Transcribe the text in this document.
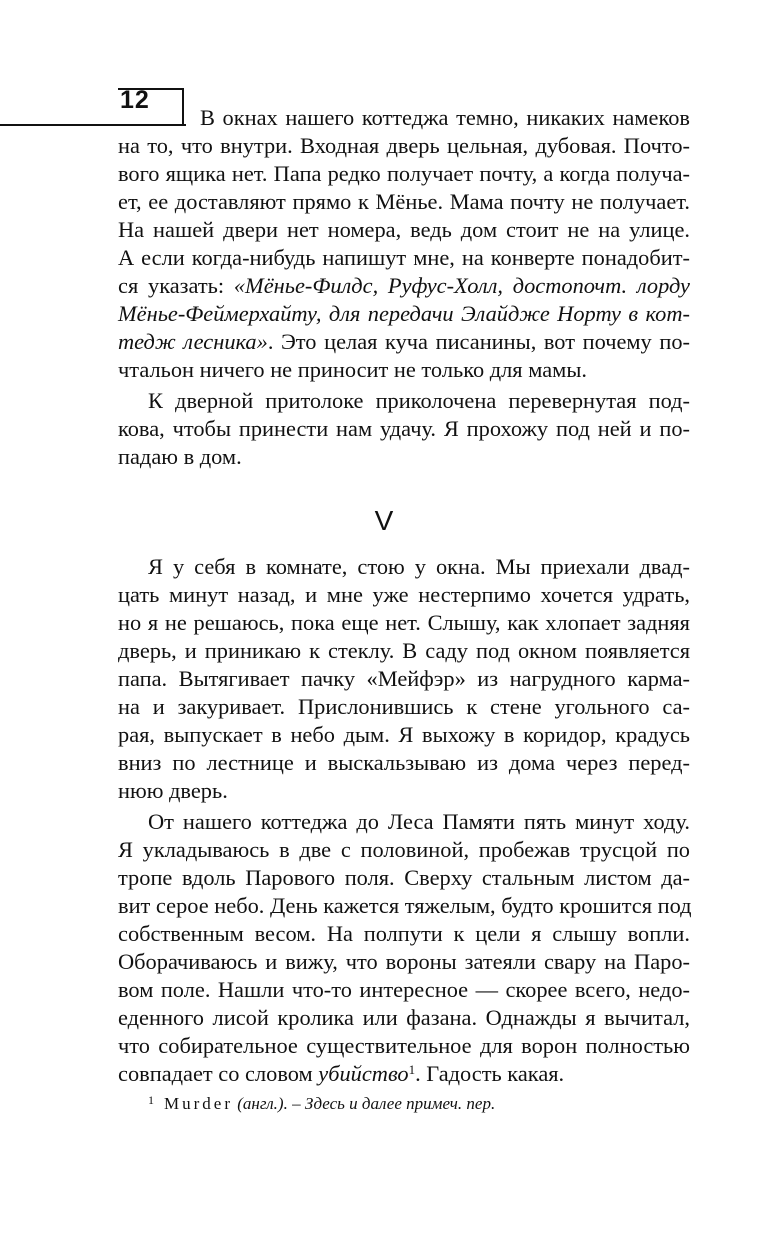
12
В окнах нашего коттеджа темно, никаких намеков
на то, что внутри. Входная дверь цельная, дубовая. Почто-
вого ящика нет. Папа редко получает почту, а когда получа-
ет, ее доставляют прямо к Мёнье. Мама почту не получает.
На нашей двери нет номера, ведь дом стоит не на улице.
А если когда-нибудь напишут мне, на конверте понадобит-
ся указать: «Мёнье-Филдс, Руфус-Холл, достопочт. лорду
Мёнье-Феймерхайту, для передачи Элайдже Норту в кот-
тедж лесника». Это целая куча писанины, вот почему по-
чтальон ничего не приносит не только для мамы.
К дверной притолоке приколочена перевернутая под-
кова, чтобы принести нам удачу. Я прохожу под ней и по-
падаю в дом.
V
Я у себя в комнате, стою у окна. Мы приехали двад-
цать минут назад, и мне уже нестерпимо хочется удрать,
но я не решаюсь, пока еще нет. Слышу, как хлопает задняя
дверь, и приникаю к стеклу. В саду под окном появляется
папа. Вытягивает пачку «Мейфэр» из нагрудного карма-
на и закуривает. Прислонившись к стене угольного са-
рая, выпускает в небо дым. Я выхожу в коридор, крадусь
вниз по лестнице и выскальзываю из дома через перед-
нюю дверь.
От нашего коттеджа до Леса Памяти пять минут ходу.
Я укладываюсь в две с половиной, пробежав трусцой по
тропе вдоль Парового поля. Сверху стальным листом да-
вит серое небо. День кажется тяжелым, будто крошится под
собственным весом. На полпути к цели я слышу вопли.
Оборачиваюсь и вижу, что вороны затеяли свару на Паро-
вом поле. Нашли что-то интересное — скорее всего, недо-
еденного лисой кролика или фазана. Однажды я вычитал,
что собирательное существительное для ворон полностью
совпадает со словом убийство$^1$. Гадость какая.
$^1$ Murder (англ.). – Здесь и далее примеч. пер.
